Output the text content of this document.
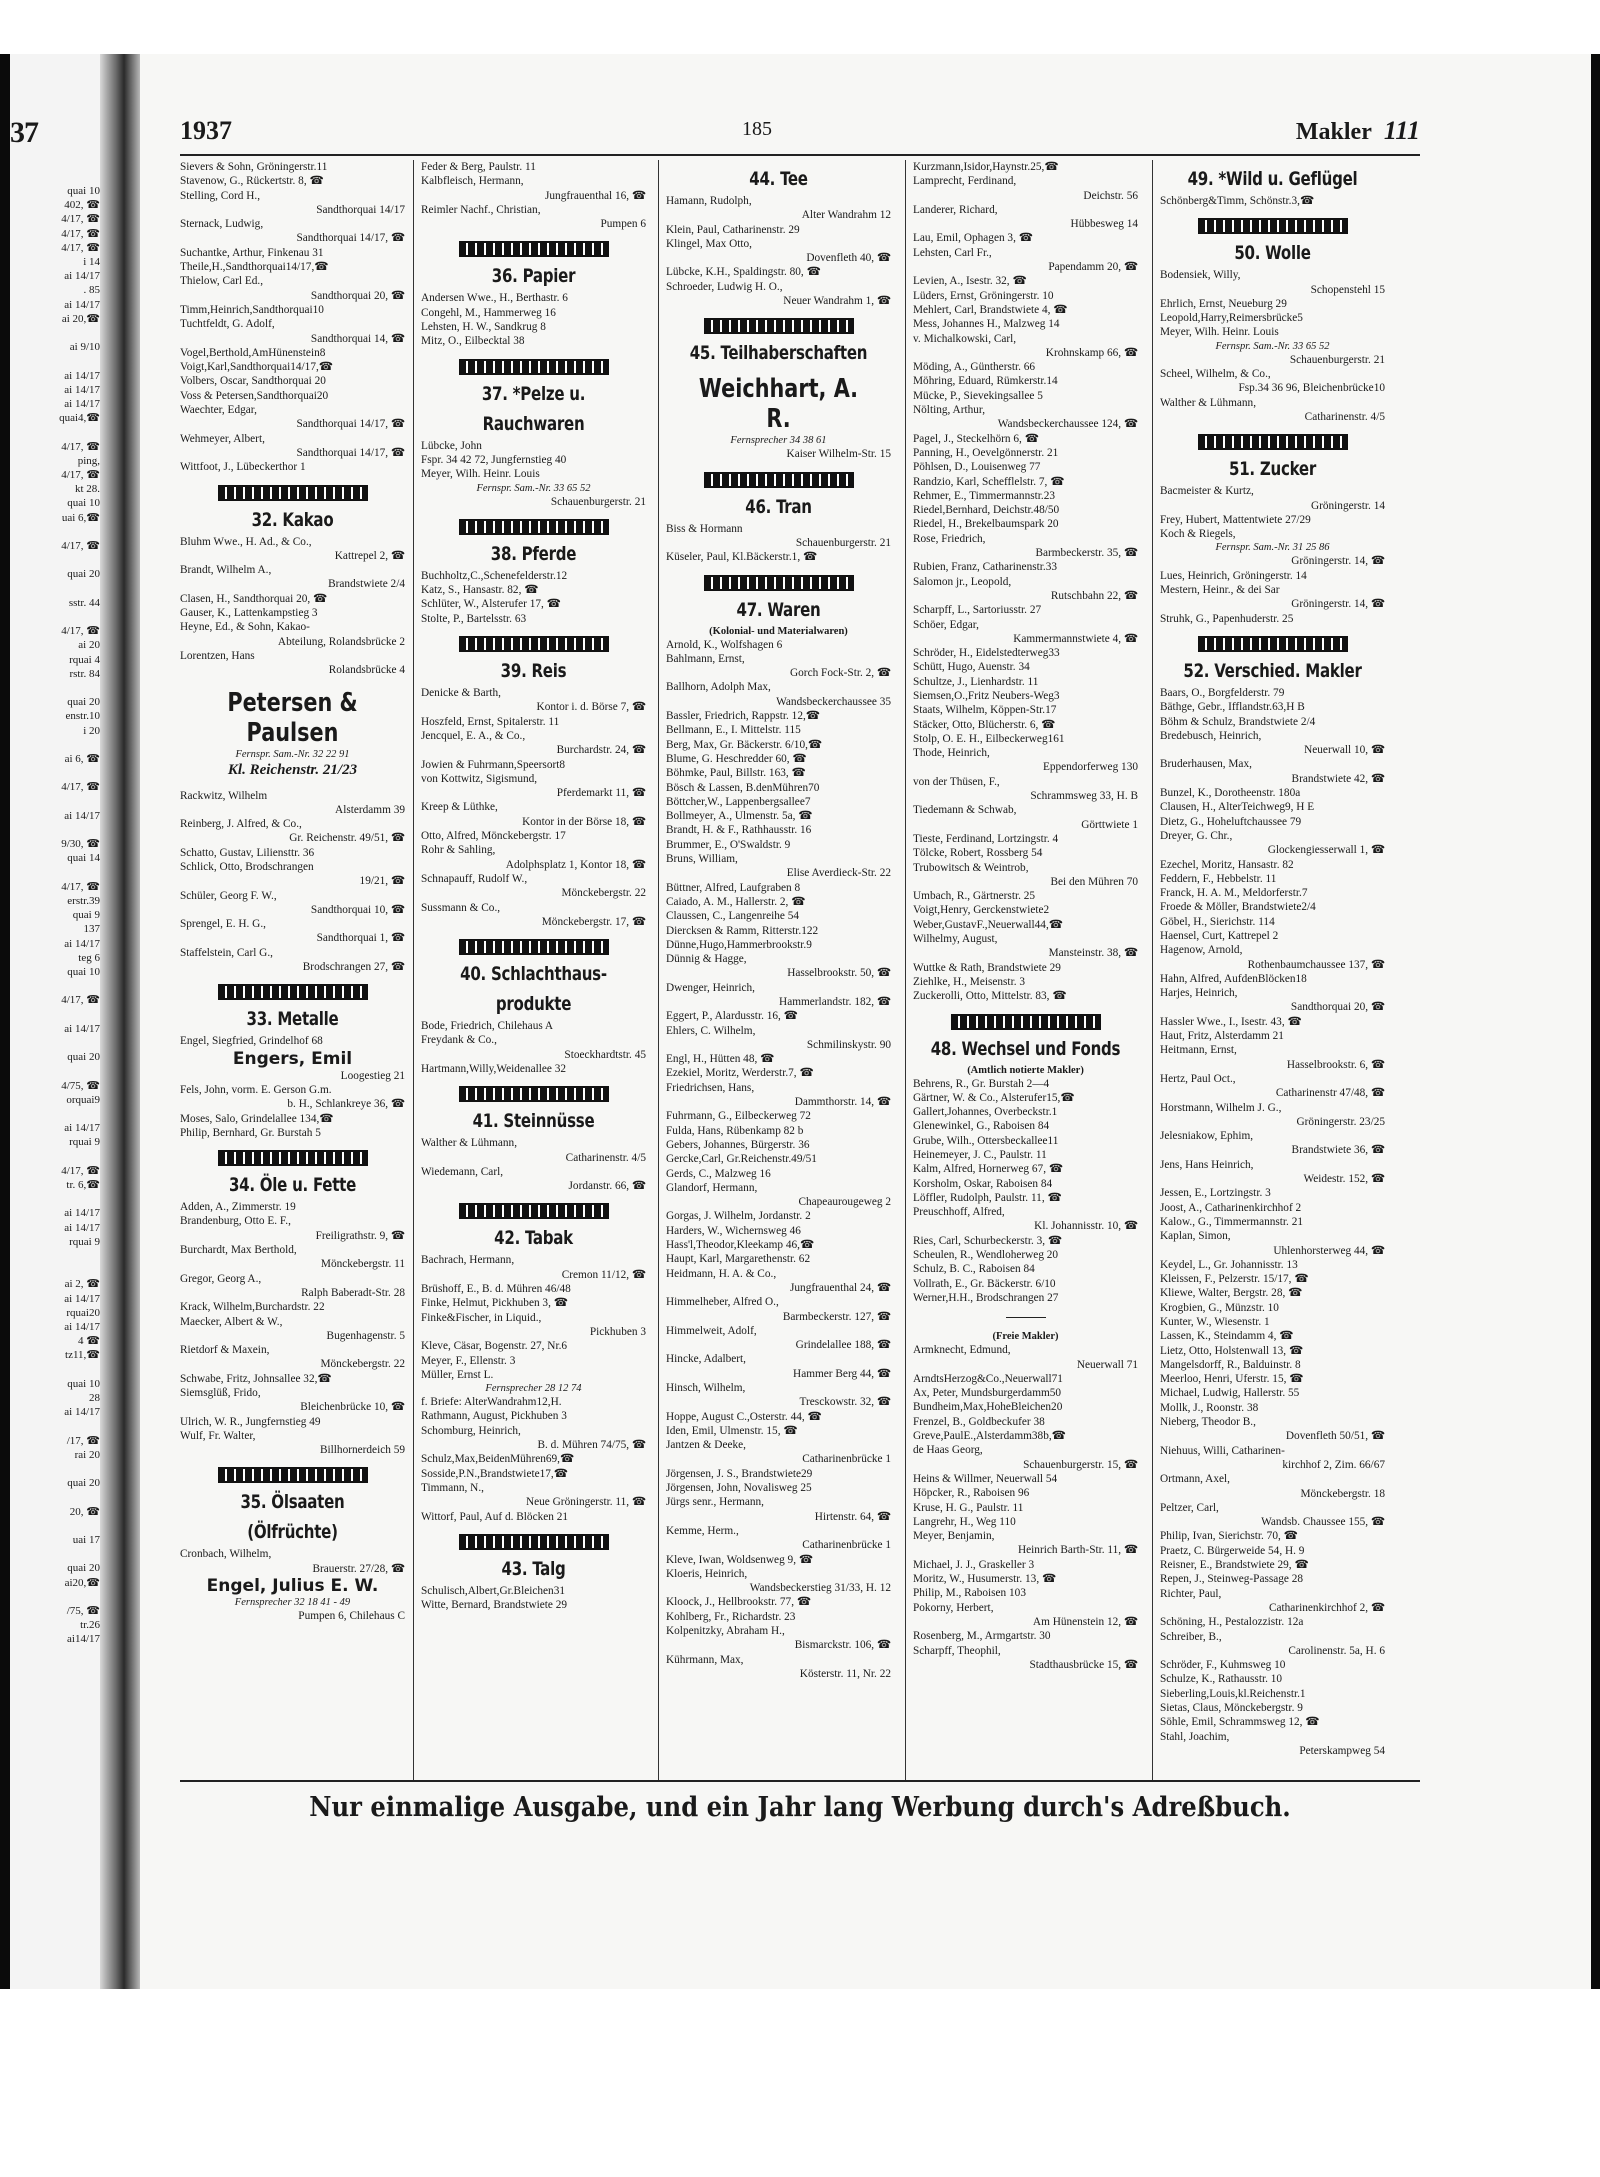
37
quai 10
402, ☎
4/17, ☎
4/17, ☎
4/17, ☎
i 14
ai 14/17
. 85
ai 14/17
ai 20,☎
ai 9/10
ai 14/17
ai 14/17
ai 14/17
quai4,☎
4/17, ☎
ping,
4/17, ☎
kt 28.
quai 10
uai 6,☎
4/17, ☎
quai 20
sstr. 44
4/17, ☎
ai 20
rquai 4
rstr. 84
quai 20
enstr.10
i 20
ai 6, ☎
4/17, ☎
ai 14/17
9/30, ☎
quai 14
4/17, ☎
erstr.39
quai 9
137
ai 14/17
teg 6
quai 10
4/17, ☎
ai 14/17
quai 20
4/75, ☎
orquai9
ai 14/17
rquai 9
4/17, ☎
tr. 6,☎
ai 14/17
ai 14/17
rquai 9
ai 2, ☎
ai 14/17
rquai20
ai 14/17
4 ☎
tz11,☎
quai 10
28
ai 14/17
/17, ☎
rai 20
quai 20
20, ☎
uai 17
quai 20
ai20,☎
/75, ☎
tr.26
ai14/17
1937	185	Makler 111
Sievers & Sohn, Gröningerstr.11
Stavenow, G., Rückertstr. 8, ☎
Stelling, Cord H.,
Sandthorquai 14/17
Sternack, Ludwig,
Sandthorquai 14/17, ☎
Suchantke, Arthur, Finkenau 31
Theile,H.,Sandthorquai14/17,☎
Thielow, Carl Ed.,
Sandthorquai 20, ☎
Timm,Heinrich,Sandthorquai10
Tuchtfeldt, G. Adolf,
Sandthorquai 14, ☎
Vogel,Berthold,AmHünenstein8
Voigt,Karl,Sandthorquai14/17,☎
Volbers, Oscar, Sandthorquai 20
Voss & Petersen,Sandthorquai20
Waechter, Edgar,
Sandthorquai 14/17, ☎
Wehmeyer, Albert,
Sandthorquai 14/17, ☎
Wittfoot, J., Lübeckerthor 1
32. Kakao
Bluhm Wwe., H. Ad., & Co.,
Kattrepel 2, ☎
Brandt, Wilhelm A.,
Brandstwiete 2/4
Clasen, H., Sandthorquai 20, ☎
Gauser, K., Lattenkampstieg 3
Heyne, Ed., & Sohn, Kakao-
Abteilung, Rolandsbrücke 2
Lorentzen, Hans
Rolandsbrücke 4
Petersen & Paulsen
Fernspr. Sam.-Nr. 32 22 91
Kl. Reichenstr. 21/23
Rackwitz, Wilhelm
Alsterdamm 39
Reinberg, J. Alfred, & Co.,
Gr. Reichenstr. 49/51, ☎
Schatto, Gustav, Liliensttr. 36
Schlick, Otto, Brodschrangen
19/21, ☎
Schüler, Georg F. W.,
Sandthorquai 10, ☎
Sprengel, E. H. G.,
Sandthorquai 1, ☎
Staffelstein, Carl G.,
Brodschrangen 27, ☎
33. Metalle
Engel, Siegfried, Grindelhof 68
Engers, Emil
Loogestieg 21
Fels, John, vorm. E. Gerson G.m.
b. H., Schlankreye 36, ☎
Moses, Salo, Grindelallee 134,☎
Philip, Bernhard, Gr. Burstah 5
34. Öle u. Fette
Adden, A., Zimmerstr. 19
Brandenburg, Otto E. F.,
Freiligrathstr. 9, ☎
Burchardt, Max Berthold,
Mönckebergstr. 11
Gregor, Georg A.,
Ralph Baberadt-Str. 28
Krack, Wilhelm,Burchardstr. 22
Maecker, Albert & W.,
Bugenhagenstr. 5
Rietdorf & Maxein,
Mönckebergstr. 22
Schwabe, Fritz, Johnsallee 32,☎
Siemsglüß, Frido,
Bleichenbrücke 10, ☎
Ulrich, W. R., Jungfernstieg 49
Wulf, Fr. Walter,
Billhornerdeich 59
35. Ölsaaten
(Ölfrüchte)
Cronbach, Wilhelm,
Brauerstr. 27/28, ☎
Engel, Julius E. W.
Fernsprecher 32 18 41 - 49
Pumpen 6, Chilehaus C
Feder & Berg, Paulstr. 11
Kalbfleisch, Hermann,
Jungfrauenthal 16, ☎
Reimler Nachf., Christian,
Pumpen 6
36. Papier
Andersen Wwe., H., Berthastr. 6
Congehl, M., Hammerweg 16
Lehsten, H. W., Sandkrug 8
Mitz, O., Eilbecktal 38
37. *Pelze u.
Rauchwaren
Lübcke, John
Fspr. 34 42 72, Jungfernstieg 40
Meyer, Wilh. Heinr. Louis
Fernspr. Sam.-Nr. 33 65 52
Schauenburgerstr. 21
38. Pferde
Buchholtz,C.,Schenefelderstr.12
Katz, S., Hansastr. 82, ☎
Schlüter, W., Alsterufer 17, ☎
Stolte, P., Bartelsstr. 63
39. Reis
Denicke & Barth,
Kontor i. d. Börse 7, ☎
Hoszfeld, Ernst, Spitalerstr. 11
Jencquel, E. A., & Co.,
Burchardstr. 24, ☎
Jowien & Fuhrmann,Speersort8
von Kottwitz, Sigismund,
Pferdemarkt 11, ☎
Kreep & Lüthke,
Kontor in der Börse 18, ☎
Otto, Alfred, Mönckebergstr. 17
Rohr & Sahling,
Adolphsplatz 1, Kontor 18, ☎
Schnapauff, Rudolf W.,
Mönckebergstr. 22
Sussmann & Co.,
Mönckebergstr. 17, ☎
40. Schlachthaus-
produkte
Bode, Friedrich, Chilehaus A
Freydank & Co.,
Stoeckhardtstr. 45
Hartmann,Willy,Weidenallee 32
41. Steinnüsse
Walther & Lühmann,
Catharinenstr. 4/5
Wiedemann, Carl,
Jordanstr. 66, ☎
42. Tabak
Bachrach, Hermann,
Cremon 11/12, ☎
Brüshoff, E., B. d. Mühren 46/48
Finke, Helmut, Pickhuben 3, ☎
Finke&Fischer, in Liquid.,
Pickhuben 3
Kleve, Cäsar, Bogenstr. 27, Nr.6
Meyer, F., Ellenstr. 3
Müller, Ernst L.
Fernsprecher 28 12 74
f. Briefe: AlterWandrahm12,H.
Rathmann, August, Pickhuben 3
Schomburg, Heinrich,
B. d. Mühren 74/75, ☎
Schulz,Max,BeidenMühren69,☎
Sosside,P.N.,Brandstwiete17,☎
Timmann, N.,
Neue Gröningerstr. 11, ☎
Wittorf, Paul, Auf d. Blöcken 21
43. Talg
Schulisch,Albert,Gr.Bleichen31
Witte, Bernard, Brandstwiete 29
44. Tee
Hamann, Rudolph,
Alter Wandrahm 12
Klein, Paul, Catharinenstr. 29
Klingel, Max Otto,
Dovenfleth 40, ☎
Lübcke, K.H., Spaldingstr. 80, ☎
Schroeder, Ludwig H. O.,
Neuer Wandrahm 1, ☎
45. Teilhaberschaften
Weichhart, A. R.
Fernsprecher 34 38 61
Kaiser Wilhelm-Str. 15
46. Tran
Biss & Hormann
Schauenburgerstr. 21
Küseler, Paul, Kl.Bäckerstr.1, ☎
47. Waren
(Kolonial- und Materialwaren)
Arnold, K., Wolfshagen 6
Bahlmann, Ernst,
Gorch Fock-Str. 2, ☎
Ballhorn, Adolph Max,
Wandsbeckerchaussee 35
Bassler, Friedrich, Rappstr. 12,☎
Bellmann, E., I. Mittelstr. 115
Berg, Max, Gr. Bäckerstr. 6/10,☎
Blume, G. Heschredder 60, ☎
Böhmke, Paul, Billstr. 163, ☎
Bösch & Lassen, B.denMühren70
Böttcher,W., Lappenbergsallee7
Bollmeyer, A., Ulmenstr. 5a, ☎
Brandt, H. & F., Rathhausstr. 16
Brummer, E., O'Swaldstr. 9
Bruns, William,
Elise Averdieck-Str. 22
Büttner, Alfred, Laufgraben 8
Caiado, A. M., Hallerstr. 2, ☎
Claussen, C., Langenreihe 54
Diercksen & Ramm, Ritterstr.122
Dünne,Hugo,Hammerbrookstr.9
Dünnig & Hagge,
Hasselbrookstr. 50, ☎
Dwenger, Heinrich,
Hammerlandstr. 182, ☎
Eggert, P., Alardusstr. 16, ☎
Ehlers, C. Wilhelm,
Schmilinskystr. 90
Engl, H., Hütten 48, ☎
Ezekiel, Moritz, Werderstr.7, ☎
Friedrichsen, Hans,
Dammthorstr. 14, ☎
Fuhrmann, G., Eilbeckerweg 72
Fulda, Hans, Rübenkamp 82 b
Gebers, Johannes, Bürgerstr. 36
Gercke,Carl, Gr.Reichenstr.49/51
Gerds, C., Malzweg 16
Glandorf, Hermann,
Chapeaurougeweg 2
Gorgas, J. Wilhelm, Jordanstr. 2
Harders, W., Wichernsweg 46
Hass'l,Theodor,Kleekamp 46,☎
Haupt, Karl, Margarethenstr. 62
Heidmann, H. A. & Co.,
Jungfrauenthal 24, ☎
Himmelheber, Alfred O.,
Barmbeckerstr. 127, ☎
Himmelweit, Adolf,
Grindelallee 188, ☎
Hincke, Adalbert,
Hammer Berg 44, ☎
Hinsch, Wilhelm,
Tresckowstr. 32, ☎
Hoppe, August C.,Osterstr. 44, ☎
Iden, Emil, Ulmenstr. 15, ☎
Jantzen & Deeke,
Catharinenbrücke 1
Jörgensen, J. S., Brandstwiete29
Jörgensen, John, Novalisweg 25
Jürgs senr., Hermann,
Hirtenstr. 64, ☎
Kemme, Herm.,
Catharinenbrücke 1
Kleve, Iwan, Woldsenweg 9, ☎
Kloeris, Heinrich,
Wandsbeckerstieg 31/33, H. 12
Kloock, J., Hellbrookstr. 77, ☎
Kohlberg, Fr., Richardstr. 23
Kolpenitzky, Abraham H.,
Bismarckstr. 106, ☎
Kührmann, Max,
Kösterstr. 11, Nr. 22
Kurzmann,Isidor,Haynstr.25,☎
Lamprecht, Ferdinand,
Deichstr. 56
Landerer, Richard,
Hübbesweg 14
Lau, Emil, Ophagen 3, ☎
Lehsten, Carl Fr.,
Papendamm 20, ☎
Levien, A., Isestr. 32, ☎
Lüders, Ernst, Gröningerstr. 10
Mehlert, Carl, Brandstwiete 4, ☎
Mess, Johannes H., Malzweg 14
v. Michalkowski, Carl,
Krohnskamp 66, ☎
Möding, A., Güntherstr. 66
Möhring, Eduard, Rümkerstr.14
Mücke, P., Sievekingsallee 5
Nölting, Arthur,
Wandsbeckerchaussee 124, ☎
Pagel, J., Steckelhörn 6, ☎
Panning, H., Oevelgönnerstr. 21
Pöhlsen, D., Louisenweg 77
Randzio, Karl, Schefflelstr. 7, ☎
Rehmer, E., Timmermannstr.23
Riedel,Bernhard, Deichstr.48/50
Riedel, H., Brekelbaumspark 20
Rose, Friedrich,
Barmbeckerstr. 35, ☎
Rubien, Franz, Catharinenstr.33
Salomon jr., Leopold,
Rutschbahn 22, ☎
Scharpff, L., Sartoriusstr. 27
Schöer, Edgar,
Kammermannstwiete 4, ☎
Schröder, H., Eidelstedterweg33
Schütt, Hugo, Auenstr. 34
Schultze, J., Lienhardstr. 11
Siemsen,O.,Fritz Neubers-Weg3
Staats, Wilhelm, Köppen-Str.17
Stäcker, Otto, Blücherstr. 6, ☎
Stolp, O. E. H., Eilbeckerweg161
Thode, Heinrich,
Eppendorferweg 130
von der Thüsen, F.,
Schrammsweg 33, H. B
Tiedemann & Schwab,
Görttwiete 1
Tieste, Ferdinand, Lortzingstr. 4
Tölcke, Robert, Rossberg 54
Trubowitsch & Weintrob,
Bei den Mühren 70
Umbach, R., Gärtnerstr. 25
Voigt,Henry, Gerckenstwiete2
Weber,GustavF.,Neuerwall44,☎
Wilhelmy, August,
Mansteinstr. 38, ☎
Wuttke & Rath, Brandstwiete 29
Ziehlke, H., Meisenstr. 3
Zuckerolli, Otto, Mittelstr. 83, ☎
48. Wechsel und Fonds
(Amtlich notierte Makler)
Behrens, R., Gr. Burstah 2—4
Gärtner, W. & Co., Alsterufer15,☎
Gallert,Johannes, Overbeckstr.1
Glenewinkel, G., Raboisen 84
Grube, Wilh., Ottersbeckallee11
Heinemeyer, J. C., Paulstr. 11
Kalm, Alfred, Hornerweg 67, ☎
Korsholm, Oskar, Raboisen 84
Löffler, Rudolph, Paulstr. 11, ☎
Preuschhoff, Alfred,
Kl. Johannisstr. 10, ☎
Ries, Carl, Schurbeckerstr. 3, ☎
Scheulen, R., Wendloherweg 20
Schulz, B. C., Raboisen 84
Vollrath, E., Gr. Bäckerstr. 6/10
Werner,H.H., Brodschrangen 27
(Freie Makler)
Armknecht, Edmund,
Neuerwall 71
ArndtsHerzog&Co.,Neuerwall71
Ax, Peter, Mundsburgerdamm50
Bundheim,Max,HoheBleichen20
Frenzel, B., Goldbeckufer 38
Greve,PaulE.,Alsterdamm38b,☎
de Haas Georg,
Schauenburgerstr. 15, ☎
Heins & Willmer, Neuerwall 54
Höpcker, R., Raboisen 96
Kruse, H. G., Paulstr. 11
Langrehr, H., Weg 110
Meyer, Benjamin,
Heinrich Barth-Str. 11, ☎
Michael, J. J., Graskeller 3
Moritz, W., Husumerstr. 13, ☎
Philip, M., Raboisen 103
Pokorny, Herbert,
Am Hünenstein 12, ☎
Rosenberg, M., Armgartstr. 30
Scharpff, Theophil,
Stadthausbrücke 15, ☎
49. *Wild u. Geflügel
Schönberg&Timm, Schönstr.3,☎
50. Wolle
Bodensiek, Willy,
Schopenstehl 15
Ehrlich, Ernst, Neueburg 29
Leopold,Harry,Reimersbrücke5
Meyer, Wilh. Heinr. Louis
Fernspr. Sam.-Nr. 33 65 52
Schauenburgerstr. 21
Scheel, Wilhelm, & Co.,
Fsp.34 36 96, Bleichenbrücke10
Walther & Lühmann,
Catharinenstr. 4/5
51. Zucker
Bacmeister & Kurtz,
Gröningerstr. 14
Frey, Hubert, Mattentwiete 27/29
Koch & Riegels,
Fernspr. Sam.-Nr. 31 25 86
Gröningerstr. 14, ☎
Lues, Heinrich, Gröningerstr. 14
Mestern, Heinr., & dei Sar
Gröningerstr. 14, ☎
Struhk, G., Papenhuderstr. 25
52. Verschied. Makler
Baars, O., Borgfelderstr. 79
Bäthge, Gebr., Ifflandstr.63,H B
Böhm & Schulz, Brandstwiete 2/4
Bredebusch, Heinrich,
Neuerwall 10, ☎
Bruderhausen, Max,
Brandstwiete 42, ☎
Bunzel, K., Dorotheenstr. 180a
Clausen, H., AlterTeichweg9, H E
Dietz, G., Hoheluftchaussee 79
Dreyer, G. Chr.,
Glockengiesserwall 1, ☎
Ezechel, Moritz, Hansastr. 82
Feddern, F., Hebbelstr. 11
Franck, H. A. M., Meldorferstr.7
Froede & Möller, Brandstwiete2/4
Göbel, H., Sierichstr. 114
Haensel, Curt, Kattrepel 2
Hagenow, Arnold,
Rothenbaumchaussee 137, ☎
Hahn, Alfred, AufdenBlöcken18
Harjes, Heinrich,
Sandthorquai 20, ☎
Hassler Wwe., I., Isestr. 43, ☎
Haut, Fritz, Alsterdamm 21
Heitmann, Ernst,
Hasselbrookstr. 6, ☎
Hertz, Paul Oct.,
Catharinenstr 47/48, ☎
Horstmann, Wilhelm J. G.,
Gröningerstr. 23/25
Jelesniakow, Ephim,
Brandstwiete 36, ☎
Jens, Hans Heinrich,
Weidestr. 152, ☎
Jessen, E., Lortzingstr. 3
Joost, A., Catharinenkirchhof 2
Kalow., G., Timmermannstr. 21
Kaplan, Simon,
Uhlenhorsterweg 44, ☎
Keydel, L., Gr. Johannisstr. 13
Kleissen, F., Pelzerstr. 15/17, ☎
Kliewe, Walter, Bergstr. 28, ☎
Krogbien, G., Münzstr. 10
Kunter, W., Wiesenstr. 1
Lassen, K., Steindamm 4, ☎
Lietz, Otto, Holstenwall 13, ☎
Mangelsdorff, R., Balduinstr. 8
Meerloo, Henri, Uferstr. 15, ☎
Michael, Ludwig, Hallerstr. 55
Mollk, J., Roonstr. 38
Nieberg, Theodor B.,
Dovenfleth 50/51, ☎
Niehuus, Willi, Catharinen-
kirchhof 2, Zim. 66/67
Ortmann, Axel,
Mönckebergstr. 18
Peltzer, Carl,
Wandsb. Chaussee 155, ☎
Philip, Ivan, Sierichstr. 70, ☎
Praetz, C. Bürgerweide 54, H. 9
Reisner, E., Brandstwiete 29, ☎
Repen, J., Steinweg-Passage 28
Richter, Paul,
Catharinenkirchhof 2, ☎
Schöning, H., Pestalozzistr. 12a
Schreiber, B.,
Carolinenstr. 5a, H. 6
Schröder, F., Kuhmsweg 10
Schulze, K., Rathausstr. 10
Sieberling,Louis,kl.Reichenstr.1
Sietas, Claus, Mönckebergstr. 9
Söhle, Emil, Schrammsweg 12, ☎
Stahl, Joachim,
Peterskampweg 54
Nur einmalige Ausgabe, und ein Jahr lang Werbung durch's Adreßbuch.
